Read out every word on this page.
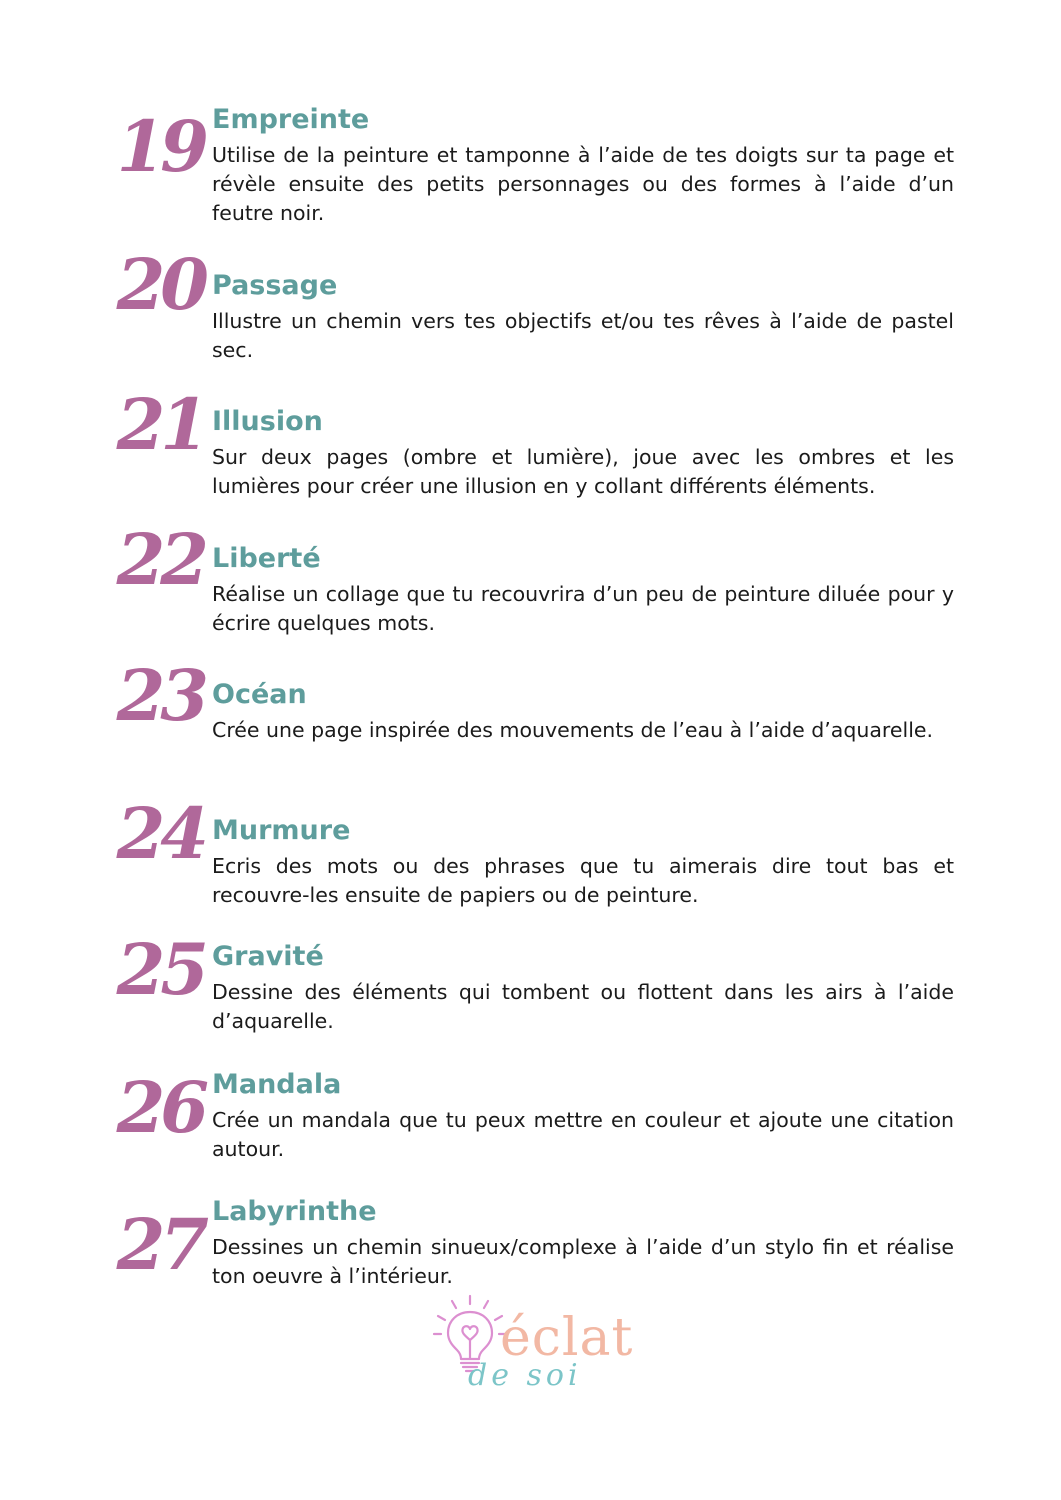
19 Empreinte
Utilise de la peinture et tamponne à l’aide de tes doigts sur ta page et révèle ensuite des petits personnages ou des formes à l’aide d’un feutre noir.
20 Passage
Illustre un chemin vers tes objectifs et/ou tes rêves à l’aide de pastel sec.
21 Illusion
Sur deux pages (ombre et lumière), joue avec les ombres et les lumières pour créer une illusion en y collant différents éléments.
22 Liberté
Réalise un collage que tu recouvrira d’un peu de peinture diluée pour y écrire quelques mots.
23 Océan
Crée une page inspirée des mouvements de l’eau à l’aide d’aquarelle.
24 Murmure
Ecris des mots ou des phrases que tu aimerais dire tout bas et recouvre-les ensuite de papiers ou de peinture.
25 Gravité
Dessine des éléments qui tombent ou flottent dans les airs à l’aide d’aquarelle.
26 Mandala
Crée un mandala que tu peux mettre en couleur et ajoute une citation autour.
27 Labyrinthe
Dessines un chemin sinueux/complexe à l’aide d’un stylo fin et réalise ton oeuvre à l’intérieur.
éclat
de soi
